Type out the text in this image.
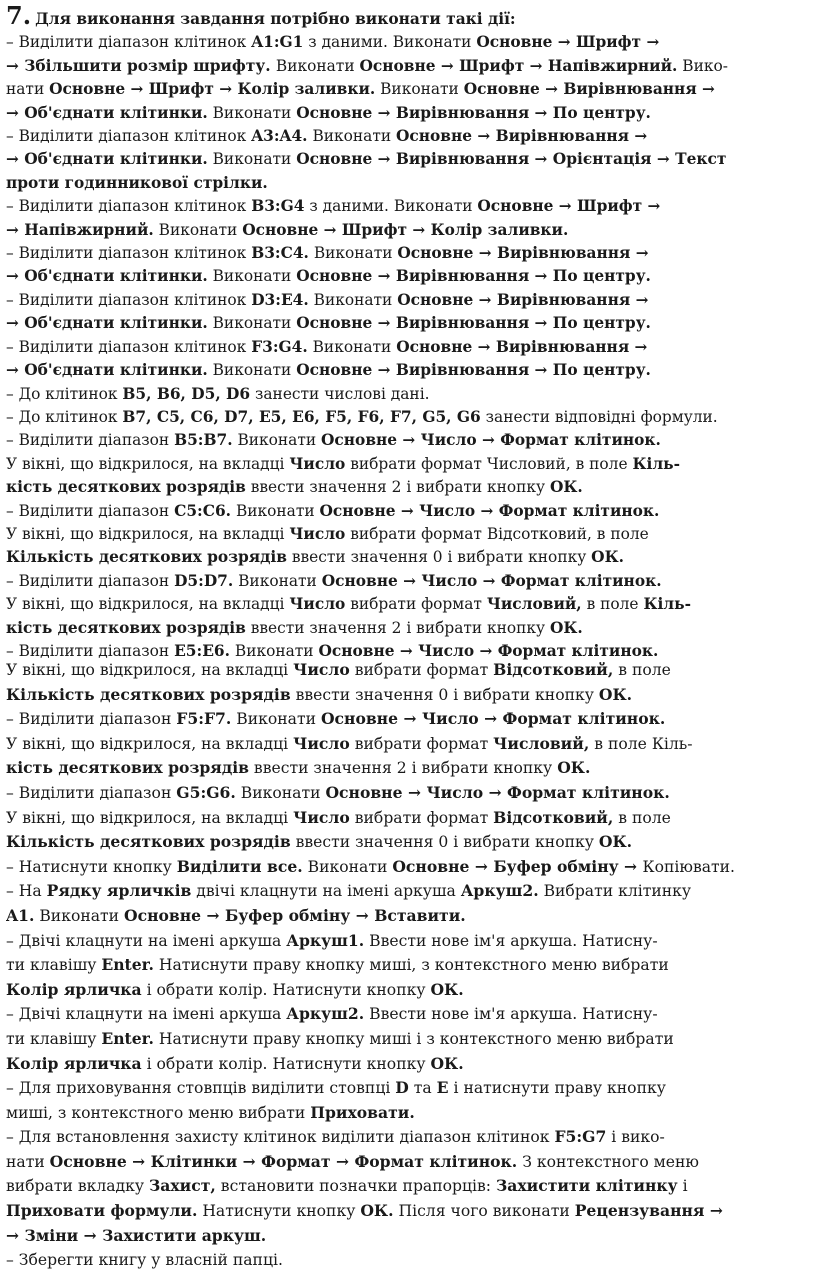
7. Для виконання завдання потрібно виконати такі дії:
– Виділити діапазон клітинок A1:G1 з даними. Виконати Основне → Шрифт →
→ Збільшити розмір шрифту. Виконати Основне → Шрифт → Напівжирний. Вико-
нати Основне → Шрифт → Колір заливки. Виконати Основне → Вирівнювання →
→ Об'єднати клітинки. Виконати Основне → Вирівнювання → По центру.
– Виділити діапазон клітинок A3:A4. Виконати Основне → Вирівнювання →
→ Об'єднати клітинки. Виконати Основне → Вирівнювання → Орієнтація → Текст
проти годинникової стрілки.
– Виділити діапазон клітинок B3:G4 з даними. Виконати Основне → Шрифт →
→ Напівжирний. Виконати Основне → Шрифт → Колір заливки.
– Виділити діапазон клітинок B3:C4. Виконати Основне → Вирівнювання →
→ Об'єднати клітинки. Виконати Основне → Вирівнювання → По центру.
– Виділити діапазон клітинок D3:E4. Виконати Основне → Вирівнювання →
→ Об'єднати клітинки. Виконати Основне → Вирівнювання → По центру.
– Виділити діапазон клітинок F3:G4. Виконати Основне → Вирівнювання →
→ Об'єднати клітинки. Виконати Основне → Вирівнювання → По центру.
– До клітинок B5, B6, D5, D6 занести числові дані.
– До клітинок B7, C5, C6, D7, E5, E6, F5, F6, F7, G5, G6 занести відповідні формули.
– Виділити діапазон B5:B7. Виконати Основне → Число → Формат клітинок.
У вікні, що відкрилося, на вкладці Число вибрати формат Числовий, в поле Кіль-
кість десяткових розрядів ввести значення 2 і вибрати кнопку ОК.
– Виділити діапазон C5:C6. Виконати Основне → Число → Формат клітинок.
У вікні, що відкрилося, на вкладці Число вибрати формат Відсотковий, в поле
Кількість десяткових розрядів ввести значення 0 і вибрати кнопку ОК.
– Виділити діапазон D5:D7. Виконати Основне → Число → Формат клітинок.
У вікні, що відкрилося, на вкладці Число вибрати формат Числовий, в поле Кіль-
кість десяткових розрядів ввести значення 2 і вибрати кнопку ОК.
– Виділити діапазон E5:E6. Виконати Основне → Число → Формат клітинок.
У вікні, що відкрилося, на вкладці Число вибрати формат Відсотковий, в поле
Кількість десяткових розрядів ввести значення 0 і вибрати кнопку ОК.
– Виділити діапазон F5:F7. Виконати Основне → Число → Формат клітинок.
У вікні, що відкрилося, на вкладці Число вибрати формат Числовий, в поле Кіль-
кість десяткових розрядів ввести значення 2 і вибрати кнопку ОК.
– Виділити діапазон G5:G6. Виконати Основне → Число → Формат клітинок.
У вікні, що відкрилося, на вкладці Число вибрати формат Відсотковий, в поле
Кількість десяткових розрядів ввести значення 0 і вибрати кнопку ОК.
– Натиснути кнопку Виділити все. Виконати Основне → Буфер обміну → Копіювати.
– На Рядку ярличків двічі клацнути на імені аркуша Аркуш2. Вибрати клітинку
A1. Виконати Основне → Буфер обміну → Вставити.
– Двічі клацнути на імені аркуша Аркуш1. Ввести нове ім'я аркуша. Натисну-
ти клавішу Enter. Натиснути праву кнопку миші, з контекстного меню вибрати
Колір ярличка і обрати колір. Натиснути кнопку ОК.
– Двічі клацнути на імені аркуша Аркуш2. Ввести нове ім'я аркуша. Натисну-
ти клавішу Enter. Натиснути праву кнопку миші і з контекстного меню вибрати
Колір ярличка і обрати колір. Натиснути кнопку ОК.
– Для приховування стовпців виділити стовпці D та E і натиснути праву кнопку
миші, з контекстного меню вибрати Приховати.
– Для встановлення захисту клітинок виділити діапазон клітинок F5:G7 і вико-
нати Основне → Клітинки → Формат → Формат клітинок. З контекстного меню
вибрати вкладку Захист, встановити позначки прапорців: Захистити клітинку і
Приховати формули. Натиснути кнопку ОК. Після чого виконати Рецензування →
→ Зміни → Захистити аркуш.
– Зберегти книгу у власній папці.
